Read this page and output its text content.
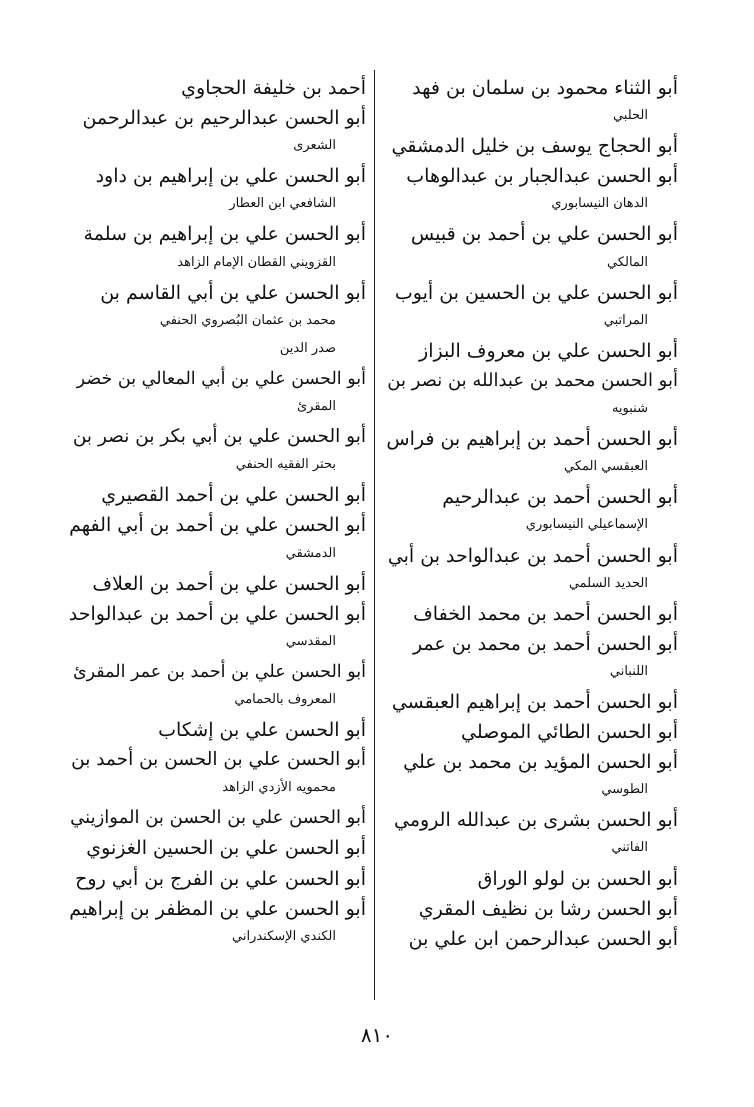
أبو الثناء محمود بن سلمان بن فهد
الحلبي
أبو الحجاج يوسف بن خليل الدمشقي
أبو الحسن عبدالجبار بن عبدالوهاب
الدهان النيسابوري
أبو الحسن علي بن أحمد بن قبيس
المالكي
أبو الحسن علي بن الحسين بن أيوب
المراتبي
أبو الحسن علي بن معروف البزاز
أبو الحسن محمد بن عبدالله بن نصر بن
شنبويه
أبو الحسن أحمد بن إبراهيم بن فراس
العبقسي المكي
أبو الحسن أحمد بن عبدالرحيم
الإسماعيلي النيسابوري
أبو الحسن أحمد بن عبدالواحد بن أبي
الحديد السلمي
أبو الحسن أحمد بن محمد الخفاف
أبو الحسن أحمد بن محمد بن عمر
اللنباني
أبو الحسن أحمد بن إبراهيم العبقسي
أبو الحسن الطائي الموصلي
أبو الحسن المؤيد بن محمد بن علي
الطوسي
أبو الحسن بشرى بن عبدالله الرومي
الفاتني
أبو الحسن بن لولو الوراق
أبو الحسن رشا بن نظيف المقري
أبو الحسن عبدالرحمن ابن علي بن
أحمد بن خليفة الحجاوي
أبو الحسن عبدالرحيم بن عبدالرحمن
الشعرى
أبو الحسن علي بن إبراهيم بن داود
الشافعي ابن العطار
أبو الحسن علي بن إبراهيم بن سلمة
القزويني القطان الإمام الزاهد
أبو الحسن علي بن أبي القاسم بن
محمد بن عثمان البُصروي الحنفي
صدر الدين
أبو الحسن علي بن أبي المعالي بن خضر
المقرئ
أبو الحسن علي بن أبي بكر بن نصر بن
بحتر الفقيه الحنفي
أبو الحسن علي بن أحمد القصيري
أبو الحسن علي بن أحمد بن أبي الفهم
الدمشقي
أبو الحسن علي بن أحمد بن العلاف
أبو الحسن علي بن أحمد بن عبدالواحد
المقدسي
أبو الحسن علي بن أحمد بن عمر المقرئ
المعروف بالحمامي
أبو الحسن علي بن إشكاب
أبو الحسن علي بن الحسن بن أحمد بن
محمويه الأزدي الزاهد
أبو الحسن علي بن الحسن بن الموازيني
أبو الحسن علي بن الحسين الغزنوي
أبو الحسن علي بن الفرج بن أبي روح
أبو الحسن علي بن المظفر بن إبراهيم
الكندي الإسكندراني
٨١٠
